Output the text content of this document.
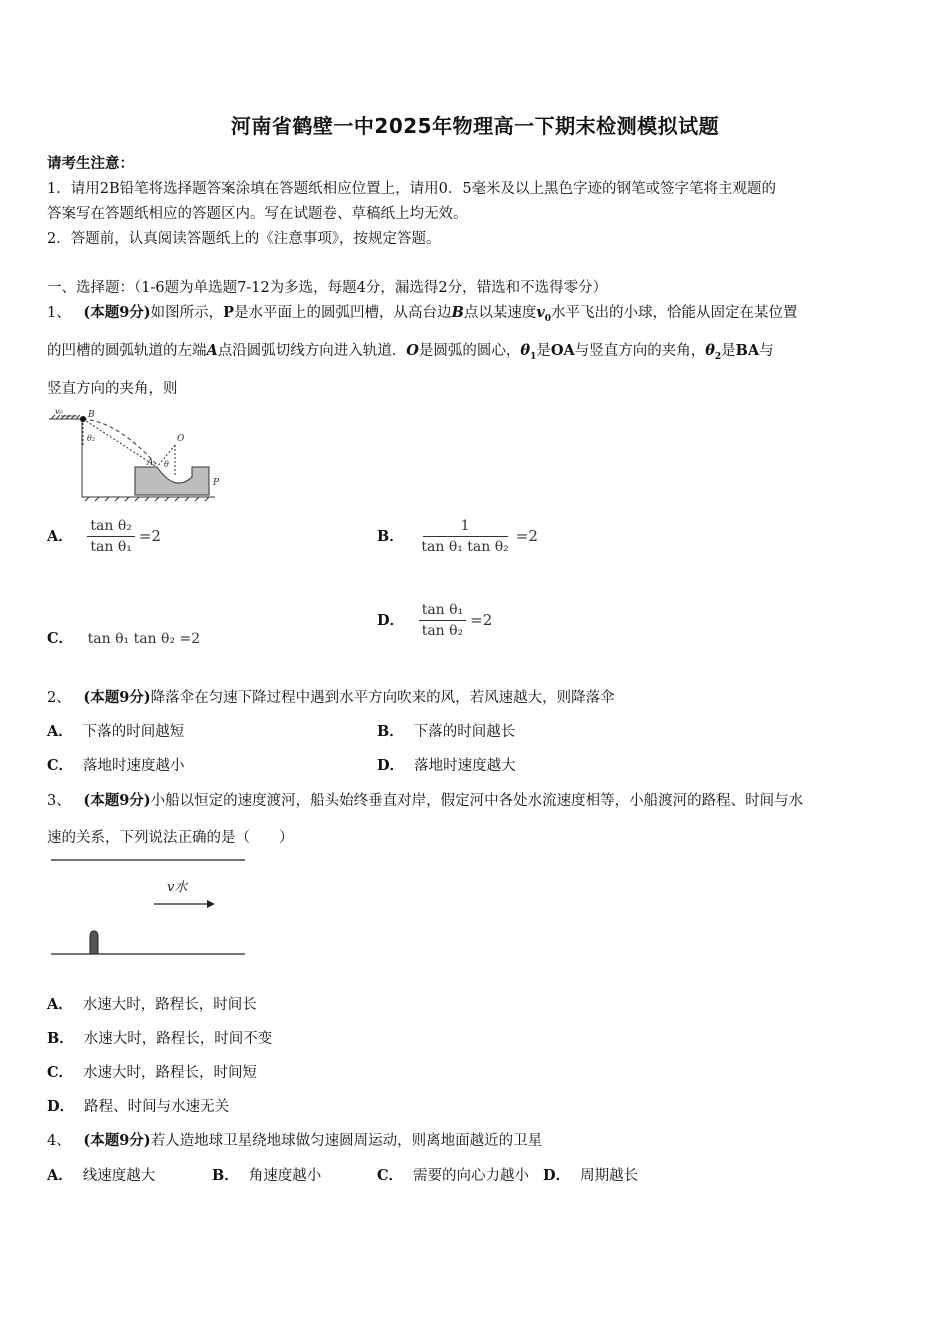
河南省鹤壁一中2025年物理高一下期末检测模拟试题
请考生注意：
1．请用2B铅笔将选择题答案涂填在答题纸相应位置上，请用0．5毫米及以上黑色字迹的钢笔或签字笔将主观题的
答案写在答题纸相应的答题区内。写在试题卷、草稿纸上均无效。
2．答题前，认真阅读答题纸上的《注意事项》，按规定答题。
一、选择题：（1-6题为单选题7-12为多选，每题4分，漏选得2分，错选和不选得零分）
1、 (本题9分)如图所示，P是水平面上的圆弧凹槽，从高台边B点以某速度$v_0$水平飞出的小球，恰能从固定在某位置
的凹槽的圆弧轨道的左端A点沿圆弧切线方向进入轨道．O是圆弧的圆心，$\theta_1$是OA与竖直方向的夹角，$\theta_2$是BA与
竖直方向的夹角，则
v₀	B
θ₂	O
A θ
P
A． $\frac{\text{tan θ₂}}{\text{tan θ₁}} =2$	B． $\frac{1}{\text{tan θ₁ tan θ₂}} =2$
C． tan θ₁ tan θ₂ =2
D． $\frac{\text{tan θ₁}}{\text{tan θ₂}} =2$
2、 (本题9分)降落伞在匀速下降过程中遇到水平方向吹来的风，若风速越大，则降落伞
A． 下落的时间越短	B． 下落的时间越长
C． 落地时速度越小	D． 落地时速度越大
3、 (本题9分)小船以恒定的速度渡河，船头始终垂直对岸，假定河中各处水流速度相等，小船渡河的路程、时间与水
速的关系，下列说法正确的是（　　）
v水
A． 水速大时，路程长，时间长
B． 水速大时，路程长，时间不变
C． 水速大时，路程长，时间短
D． 路程、时间与水速无关
4、 (本题9分)若人造地球卫星绕地球做匀速圆周运动，则离地面越近的卫星
A． 线速度越大	B． 角速度越小	C． 需要的向心力越小 D． 周期越长
